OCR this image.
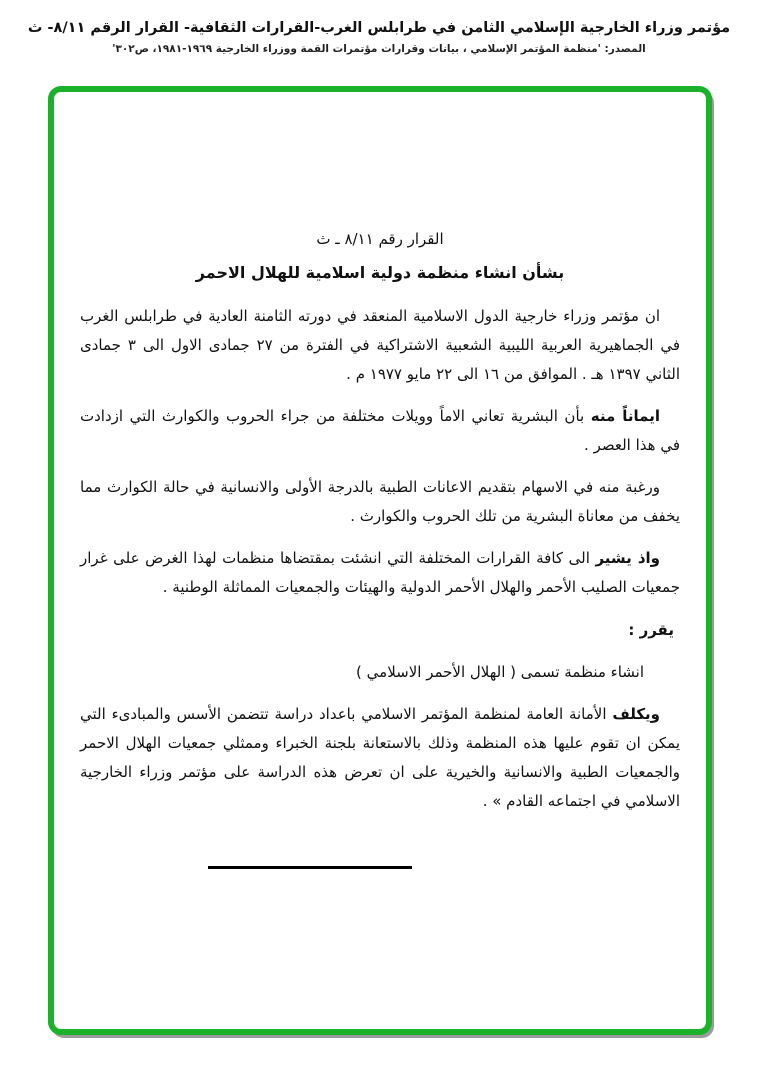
مؤتمر وزراء الخارجية الإسلامي الثامن في طرابلس الغرب-القرارات الثقافية- القرار الرقم ٨/١١- ث
المصدر: 'منظمة المؤتمر الإسلامي ، بيانات وقرارات مؤتمرات القمة ووزراء الخارجية ١٩٦٩-١٩٨١، ص٣٠٢'
القرار رقم ٨/١١ ـ ث
بشأن انشاء منظمة دولية اسلامية للهلال الاحمر

ان مؤتمر وزراء خارجية الدول الاسلامية المنعقد في دورته الثامنة العادية في طرابلس الغرب في الجماهيرية العربية الليبية الشعبية الاشتراكية في الفترة من ٢٧ جمادى الاول الى ٣ جمادى الثاني ١٣٩٧ هـ . الموافق من ١٦ الى ٢٢ مايو ١٩٧٧ م .

ايماناً منه بأن البشرية تعاني الاماً وويلات مختلفة من جراء الحروب والكوارث التي ازدادت في هذا العصر .

ورغبة منه في الاسهام بتقديم الاعانات الطبية بالدرجة الأولى والانسانية في حالة الكوارث مما يخفف من معاناة البشرية من تلك الحروب والكوارث .

واذ يشير الى كافة القرارات المختلفة التي انشئت بمقتضاها منظمات لهذا الغرض على غرار جمعيات الصليب الأحمر والهلال الأحمر الدولية والهيئات والجمعيات المماثلة الوطنية .

يقرر :

انشاء منظمة تسمى ( الهلال الأحمر الاسلامي )

ويكلف الأمانة العامة لمنظمة المؤتمر الاسلامي باعداد دراسة تتضمن الأسس والمبادىء التي يمكن ان تقوم عليها هذه المنظمة وذلك بالاستعانة بلجنة الخبراء وممثلي جمعيات الهلال الاحمر والجمعيات الطبية والانسانية والخيرية على ان تعرض هذه الدراسة على مؤتمر وزراء الخارجية الاسلامي في اجتماعه القادم » .
